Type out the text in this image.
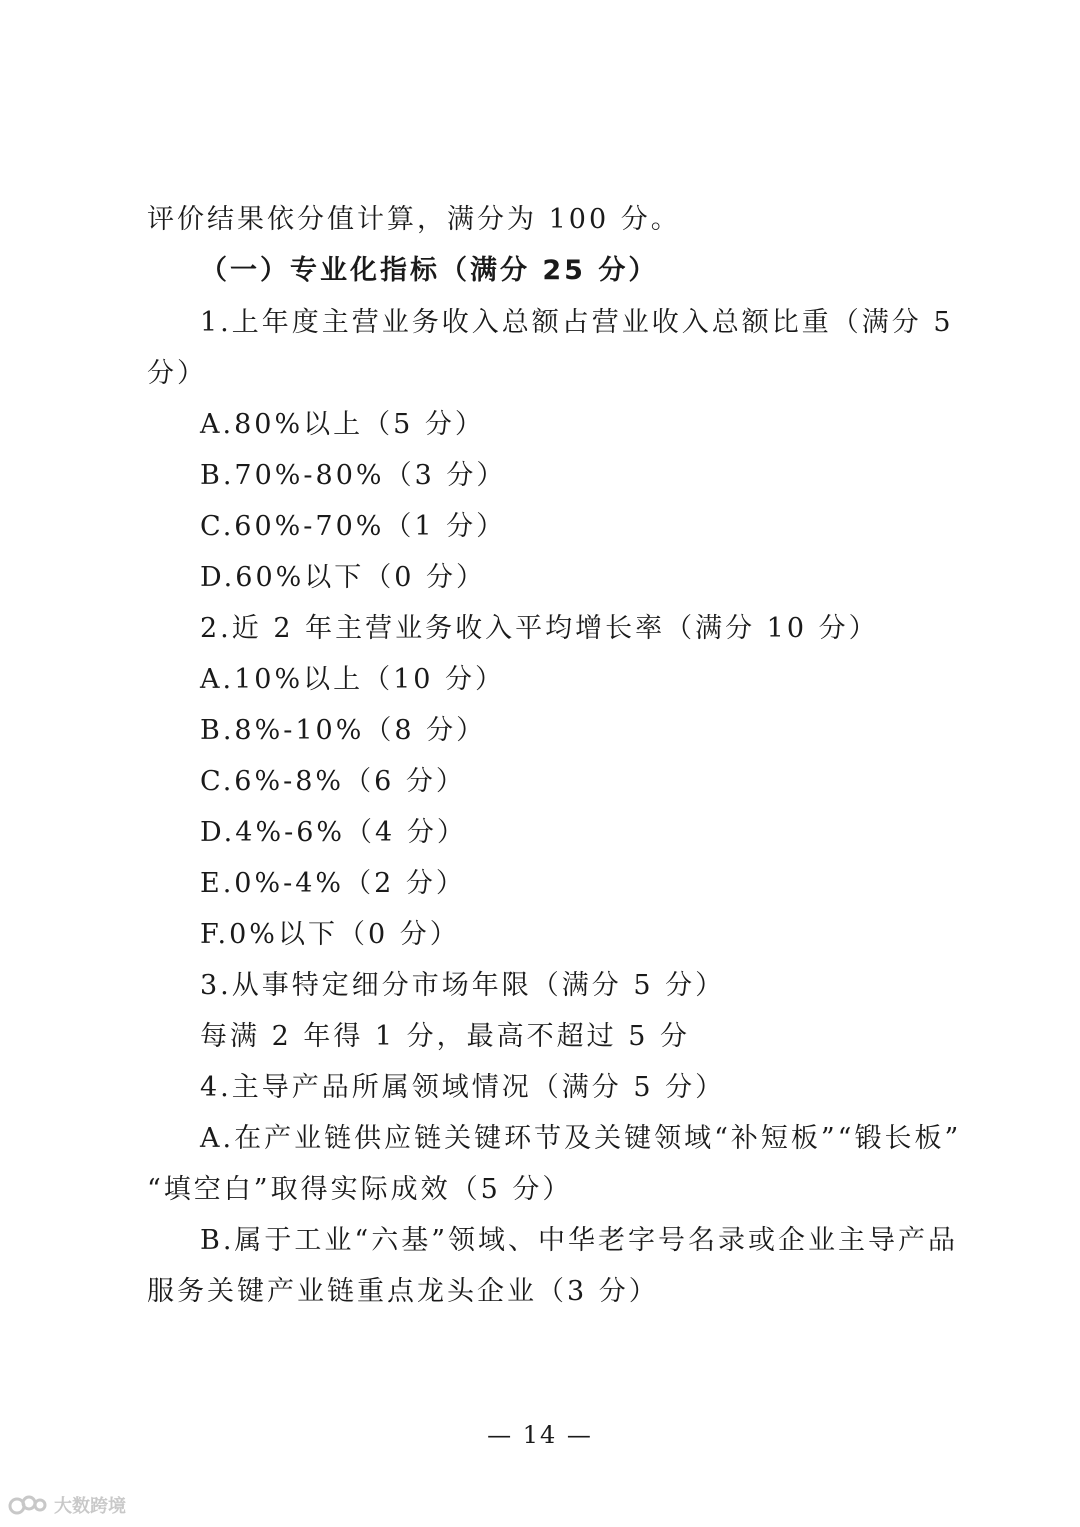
评价结果依分值计算，满分为 100 分。
（一）专业化指标（满分 25 分）
1.上年度主营业务收入总额占营业收入总额比重（满分 5
分）
A.80%以上（5 分）
B.70%-80%（3 分）
C.60%-70%（1 分）
D.60%以下（0 分）
2.近 2 年主营业务收入平均增长率（满分 10 分）
A.10%以上（10 分）
B.8%-10%（8 分）
C.6%-8%（6 分）
D.4%-6%（4 分）
E.0%-4%（2 分）
F.0%以下（0 分）
3.从事特定细分市场年限（满分 5 分）
每满 2 年得 1 分，最高不超过 5 分
4.主导产品所属领域情况（满分 5 分）
A.在产业链供应链关键环节及关键领域“补短板”“锻长板”
“填空白”取得实际成效（5 分）
B.属于工业“六基”领域、中华老字号名录或企业主导产品
服务关键产业链重点龙头企业（3 分）
— 14 —
大数跨境
